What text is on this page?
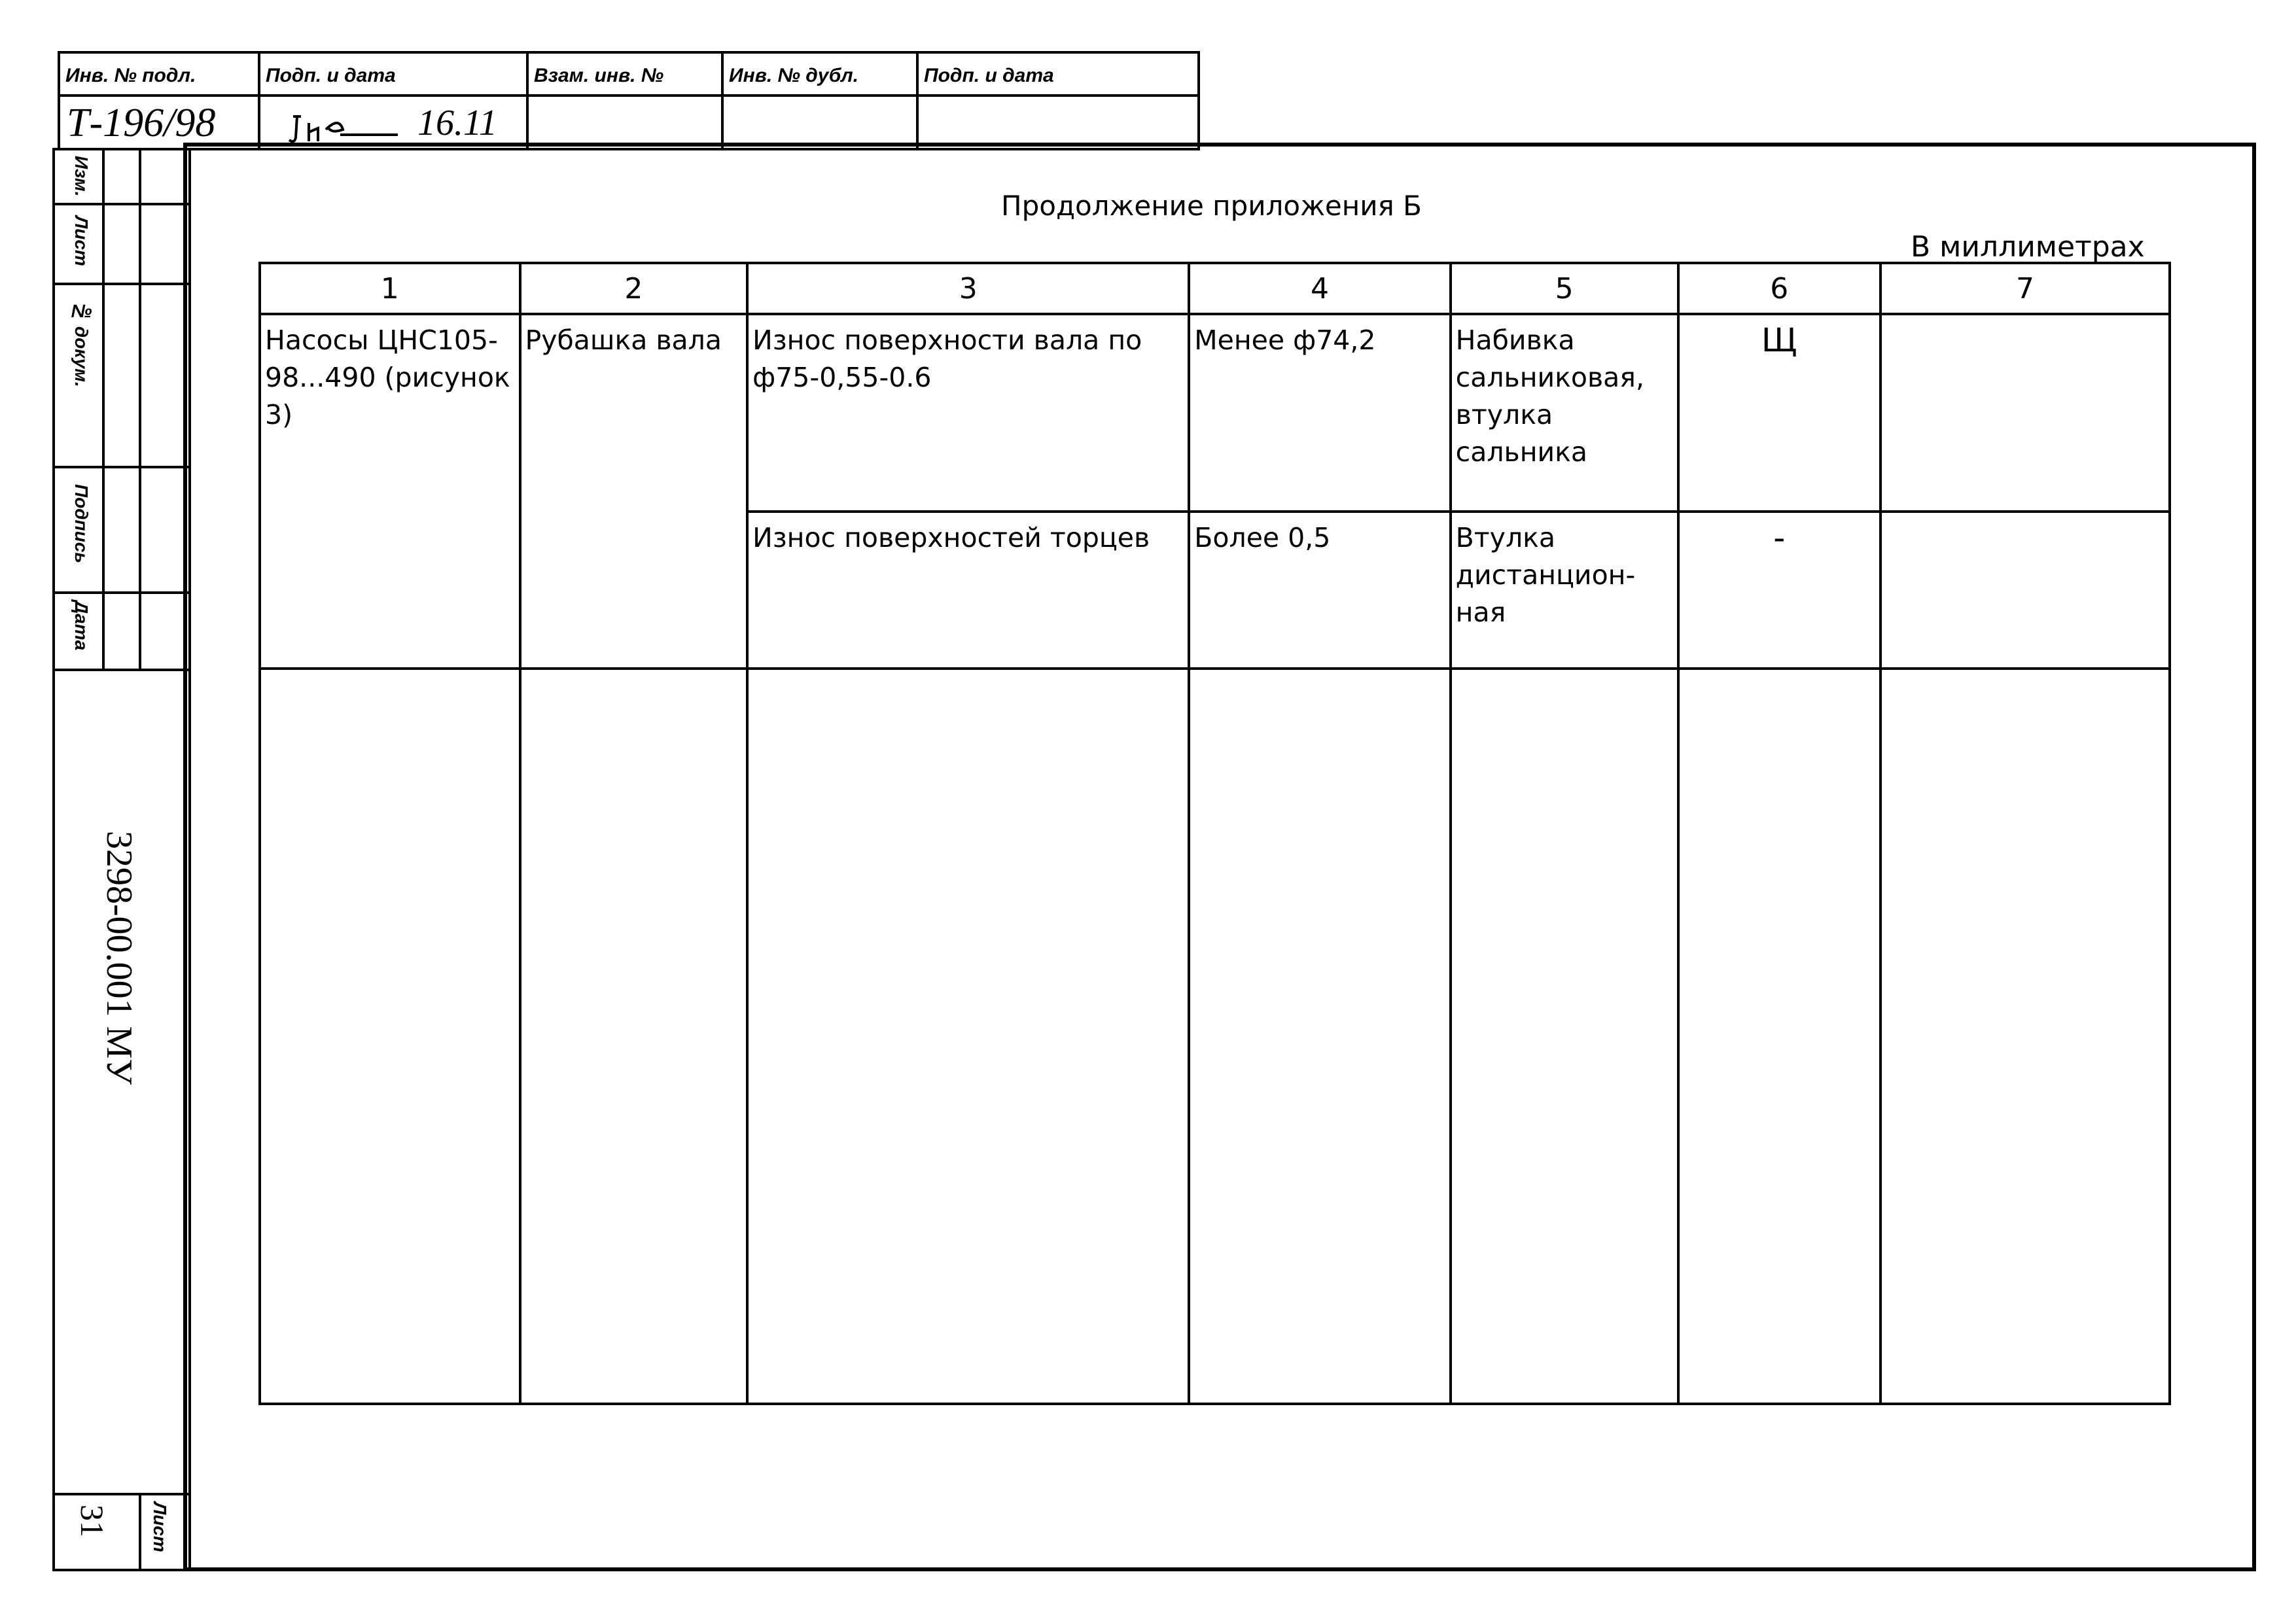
Инв. № подл.	Подп. и дата	Взам. инв. №	Инв. № дубл.	Подп. и дата
Т-196/98	16.11
Изм.
Лист
№ докум.
Подпись
Дата
3298-00.001 МУ
31 Лист
Продолжение приложения Б
В миллиметрах
1	2	3	4	5	6	7
Насосы ЦНС105-98...490 (рисунок 3)	Рубашка вала	Износ поверхности вала по ф75-0,55-0.6	Менее ф74,2	Набивка сальниковая, втулка сальника	Щ	
		Износ поверхностей торцев	Более 0,5	Втулка дистанцион-ная	-	
